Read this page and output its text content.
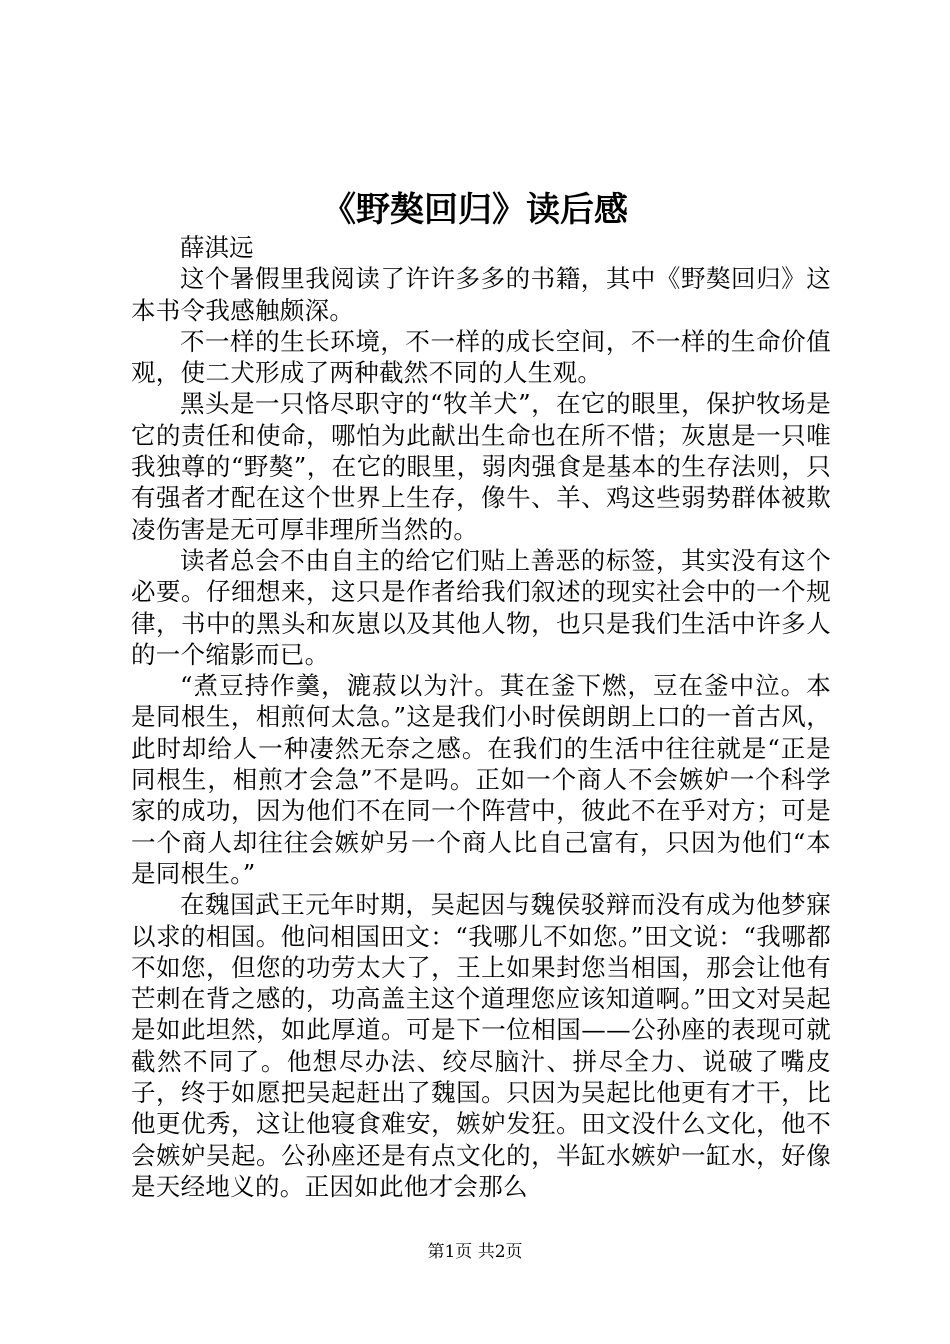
《野獒回归》读后感

薛淇远

这个暑假里我阅读了许许多多的书籍，其中《野獒回归》这本书令我感触颇深。

不一样的生长环境，不一样的成长空间，不一样的生命价值观，使二犬形成了两种截然不同的人生观。

黑头是一只恪尽职守的“牧羊犬”，在它的眼里，保护牧场是它的责任和使命，哪怕为此献出生命也在所不惜；灰崽是一只唯我独尊的“野獒”，在它的眼里，弱肉强食是基本的生存法则，只有强者才配在这个世界上生存，像牛、羊、鸡这些弱势群体被欺凌伤害是无可厚非理所当然的。

读者总会不由自主的给它们贴上善恶的标签，其实没有这个必要。仔细想来，这只是作者给我们叙述的现实社会中的一个规律，书中的黑头和灰崽以及其他人物，也只是我们生活中许多人的一个缩影而已。

“煮豆持作羹，漉菽以为汁。萁在釜下燃，豆在釜中泣。本是同根生，相煎何太急。”这是我们小时侯朗朗上口的一首古风，此时却给人一种凄然无奈之感。在我们的生活中往往就是“正是同根生，相煎才会急”不是吗。正如一个商人不会嫉妒一个科学家的成功，因为他们不在同一个阵营中，彼此不在乎对方；可是一个商人却往往会嫉妒另一个商人比自己富有，只因为他们“本是同根生。”

在魏国武王元年时期，吴起因与魏侯驳辩而没有成为他梦寐以求的相国。他问相国田文：“我哪儿不如您。”田文说：“我哪都不如您，但您的功劳太大了，王上如果封您当相国，那会让他有芒刺在背之感的，功高盖主这个道理您应该知道啊。”田文对吴起是如此坦然，如此厚道。可是下一位相国——公孙座的表现可就截然不同了。他想尽办法、绞尽脑汁、拼尽全力、说破了嘴皮子，终于如愿把吴起赶出了魏国。只因为吴起比他更有才干，比他更优秀，这让他寝食难安，嫉妒发狂。田文没什么文化，他不会嫉妒吴起。公孙座还是有点文化的，半缸水嫉妒一缸水，好像是天经地义的。正因如此他才会那么

第1页 共2页
